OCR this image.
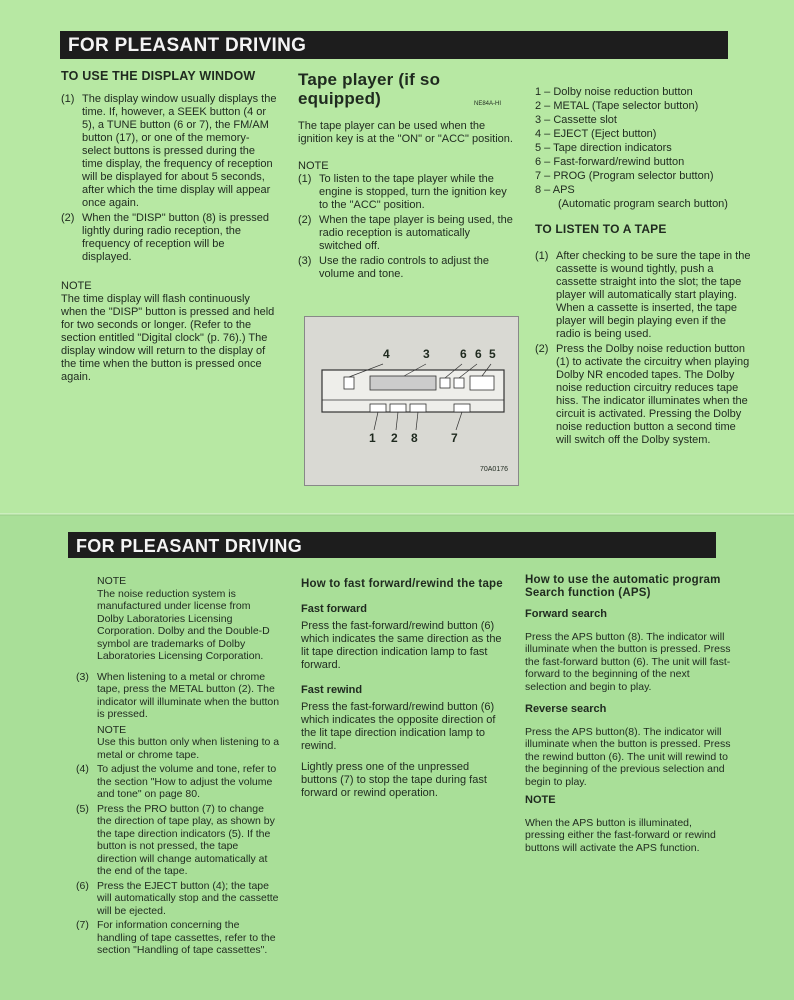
FOR PLEASANT DRIVING
TO USE THE DISPLAY WINDOW
(1) The display window usually displays the time. If, however, a SEEK button (4 or 5), a TUNE button (6 or 7), the FM/AM button (17), or one of the memory-select buttons is pressed during the time display, the frequency of reception will be displayed for about 5 seconds, after which the time display will appear once again.
(2) When the "DISP" button (8) is pressed lightly during radio reception, the frequency of reception will be displayed.
NOTE

The time display will flash continuously when the "DISP" button is pressed and held for two seconds or longer. (Refer to the section entitled "Digital clock" (p. 76).) The display window will return to the display of the time when the button is pressed once again.

Tape player (if so equipped)	NE84A-HI

The tape player can be used when the ignition key is at the "ON" or "ACC" position.

NOTE
(1) To listen to the tape player while the engine is stopped, turn the ignition key to the "ACC" position.
(2) When the tape player is being used, the radio reception is automatically switched off.
(3) Use the radio controls to adjust the volume and tone.
4	3	6 6 5
1 2 8	7
70A0176
1 – Dolby noise reduction button
2 – METAL (Tape selector button)
3 – Cassette slot
4 – EJECT (Eject button)
5 – Tape direction indicators
6 – Fast-forward/rewind button
7 – PROG (Program selector button)
8 – APS
(Automatic program search button)
TO LISTEN TO A TAPE
(1) After checking to be sure the tape in the cassette is wound tightly, push a cassette straight into the slot; the tape player will automatically start playing. When a cassette is inserted, the tape player will begin playing even if the radio is being used.
(2) Press the Dolby noise reduction button (1) to activate the circuitry when playing Dolby NR encoded tapes. The Dolby noise reduction circuitry reduces tape hiss. The indicator illuminates when the circuit is activated. Pressing the Dolby noise reduction button a second time will switch off the Dolby system.
FOR PLEASANT DRIVING
NOTE

The noise reduction system is manufactured under license from Dolby Laboratories Licensing Corporation. Dolby and the Double-D symbol are trademarks of Dolby Laboratories Licensing Corporation.

(3) When listening to a metal or chrome tape, press the METAL button (2). The indicator will illuminate when the button is pressed.
NOTE
Use this button only when listening to a metal or chrome tape.
(4) To adjust the volume and tone, refer to the section "How to adjust the volume and tone" on page 80.
(5) Press the PRO button (7) to change the direction of tape play, as shown by the tape direction indicators (5). If the button is not pressed, the tape direction will change automatically at the end of the tape.
(6) Press the EJECT button (4); the tape will automatically stop and the cassette will be ejected.
(7) For information concerning the handling of tape cassettes, refer to the section "Handling of tape cassettes".
How to fast forward/rewind the tape
Fast forward

Press the fast-forward/rewind button (6) which indicates the same direction as the lit tape direction indication lamp to fast forward.

Fast rewind

Press the fast-forward/rewind button (6) which indicates the opposite direction of the lit tape direction indication lamp to rewind.

Lightly press one of the unpressed buttons (7) to stop the tape during fast forward or rewind operation.

How to use the automatic program Search function (APS)
Forward search

Press the APS button (8). The indicator will illuminate when the button is pressed. Press the fast-forward button (6). The unit will fast-forward to the beginning of the next selection and begin to play.

Reverse search

Press the APS button(8). The indicator will illuminate when the button is pressed. Press the rewind button (6). The unit will rewind to the beginning of the previous selection and begin to play.

NOTE

When the APS button is illuminated, pressing either the fast-forward or rewind buttons will activate the APS function.
